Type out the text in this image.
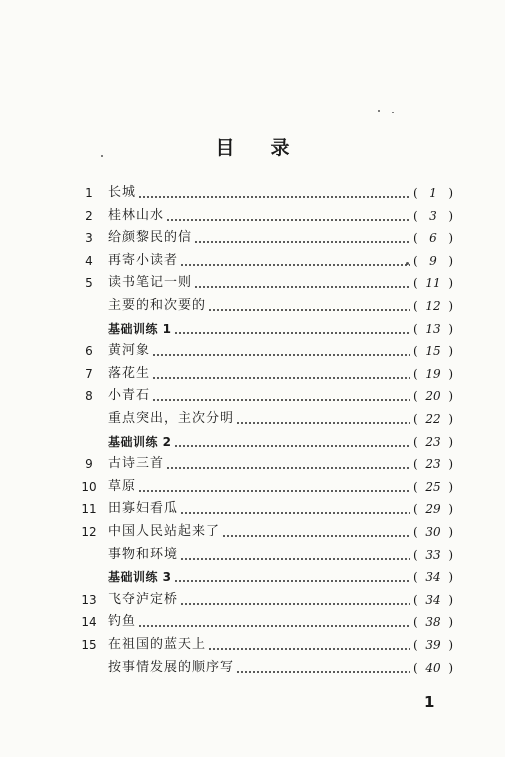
目 录
1	长城	( 1 )
2	桂林山水	( 3 )
3	给颜黎民的信	( 6 )
4	再寄小读者	( 9 )
5	读书笔记一则	( 11 )
主要的和次要的	( 12 )
基础训练 1	( 13 )
6	黄河象	( 15 )
7	落花生	( 19 )
8	小青石	( 20 )
重点突出，主次分明	( 22 )
基础训练 2	( 23 )
9	古诗三首	( 23 )
10 草原	( 25 )
11 田寡妇看瓜	( 29 )
12 中国人民站起来了	( 30 )
事物和环境	( 33 )
基础训练 3	( 34 )
13 飞夺泸定桥	( 34 )
14 钓鱼	( 38 )
15 在祖国的蓝天上	( 39 )
按事情发展的顺序写	( 40 )
1
